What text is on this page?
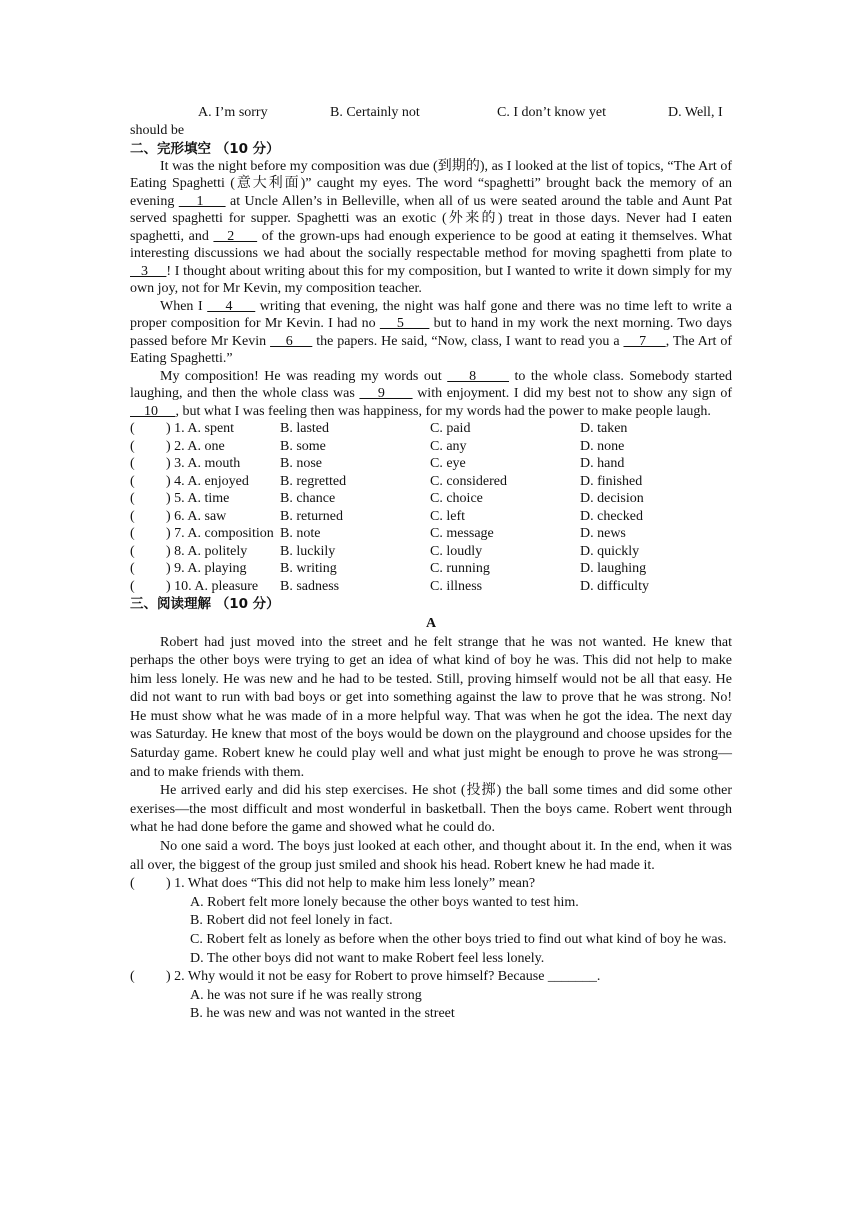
A. I’m sorry	B. Certainly not	C. I don’t know yet	D. Well, I
should be
二、完形填空 （10 分）

It was the night before my composition was due (到期的), as I looked at the list of topics, “The Art of Eating Spaghetti (意大利面)” caught my eyes. The word “spaghetti” brought back the memory of an evening     1      at Uncle Allen’s in Belleville, when all of us were seated around the table and Aunt Pat served spaghetti for supper. Spaghetti was an exotic (外来的) treat in those days. Never had I eaten spaghetti, and    2      of the grown-ups had enough experience to be good at eating it themselves. What interesting discussions we had about the socially respectable method for moving spaghetti from plate to    3     ! I thought about writing about this for my composition, but I wanted to write it down simply for my own joy, not for Mr Kevin, my composition teacher.

When I     4      writing that evening, the night was half gone and there was no time left to write a proper composition for Mr Kevin. I had no     5       but to hand in my work the next morning. Two days passed before Mr Kevin     6      the papers. He said, “Now, class, I want to read you a     7     , The Art of Eating Spaghetti.”

My composition! He was reading my words out     8       to the whole class. Somebody started laughing, and then the whole class was     9       with enjoyment. I did my best not to show any sign of     10     , but what I was feeling then was happiness, for my words had the power to make people laugh.

( ) 1. A. spent	B. lasted	C. paid	D. taken
( ) 2. A. one	B. some	C. any	D. none
( ) 3. A. mouth	B. nose	C. eye	D. hand
( ) 4. A. enjoyed B. regretted	C. considered	D. finished
( ) 5. A. time	B. chance	C. choice	D. decision
( ) 6. A. saw	B. returned	C. left	D. checked
( ) 7. A. composition B. note	C. message	D. news
( ) 8. A. politely B. luckily	C. loudly	D. quickly
( ) 9. A. playing B. writing	C. running	D. laughing
( ) 10. A. pleasure B. sadness	C. illness	D. difficulty
三、阅读理解 （10 分）
A

Robert had just moved into the street and he felt strange that he was not wanted. He knew that perhaps the other boys were trying to get an idea of what kind of boy he was. This did not help to make him less lonely. He was new and he had to be tested. Still, proving himself would not be all that easy. He did not want to run with bad boys or get into something against the law to prove that he was strong. No! He must show what he was made of in a more helpful way. That was when he got the idea. The next day was Saturday. He knew that most of the boys would be down on the playground and choose upsides for the Saturday game. Robert knew he could play well and what just might be enough to prove he was strong—and to make friends with them.

He arrived early and did his step exercises. He shot (投掷) the ball some times and did some other exerises—the most difficult and most wonderful in basketball. Then the boys came. Robert went through what he had done before the game and showed what he could do.

No one said a word. The boys just looked at each other, and thought about it. In the end, when it was all over, the biggest of the group just smiled and shook his head. Robert knew he had made it.

( ) 1. What does “This did not help to make him less lonely” mean?
A. Robert felt more lonely because the other boys wanted to test him.
B. Robert did not feel lonely in fact.
C. Robert felt as lonely as before when the other boys tried to find out what kind of boy he was.
D. The other boys did not want to make Robert feel less lonely.
( ) 2. Why would it not be easy for Robert to prove himself? Because _______.
A. he was not sure if he was really strong
B. he was new and was not wanted in the street
